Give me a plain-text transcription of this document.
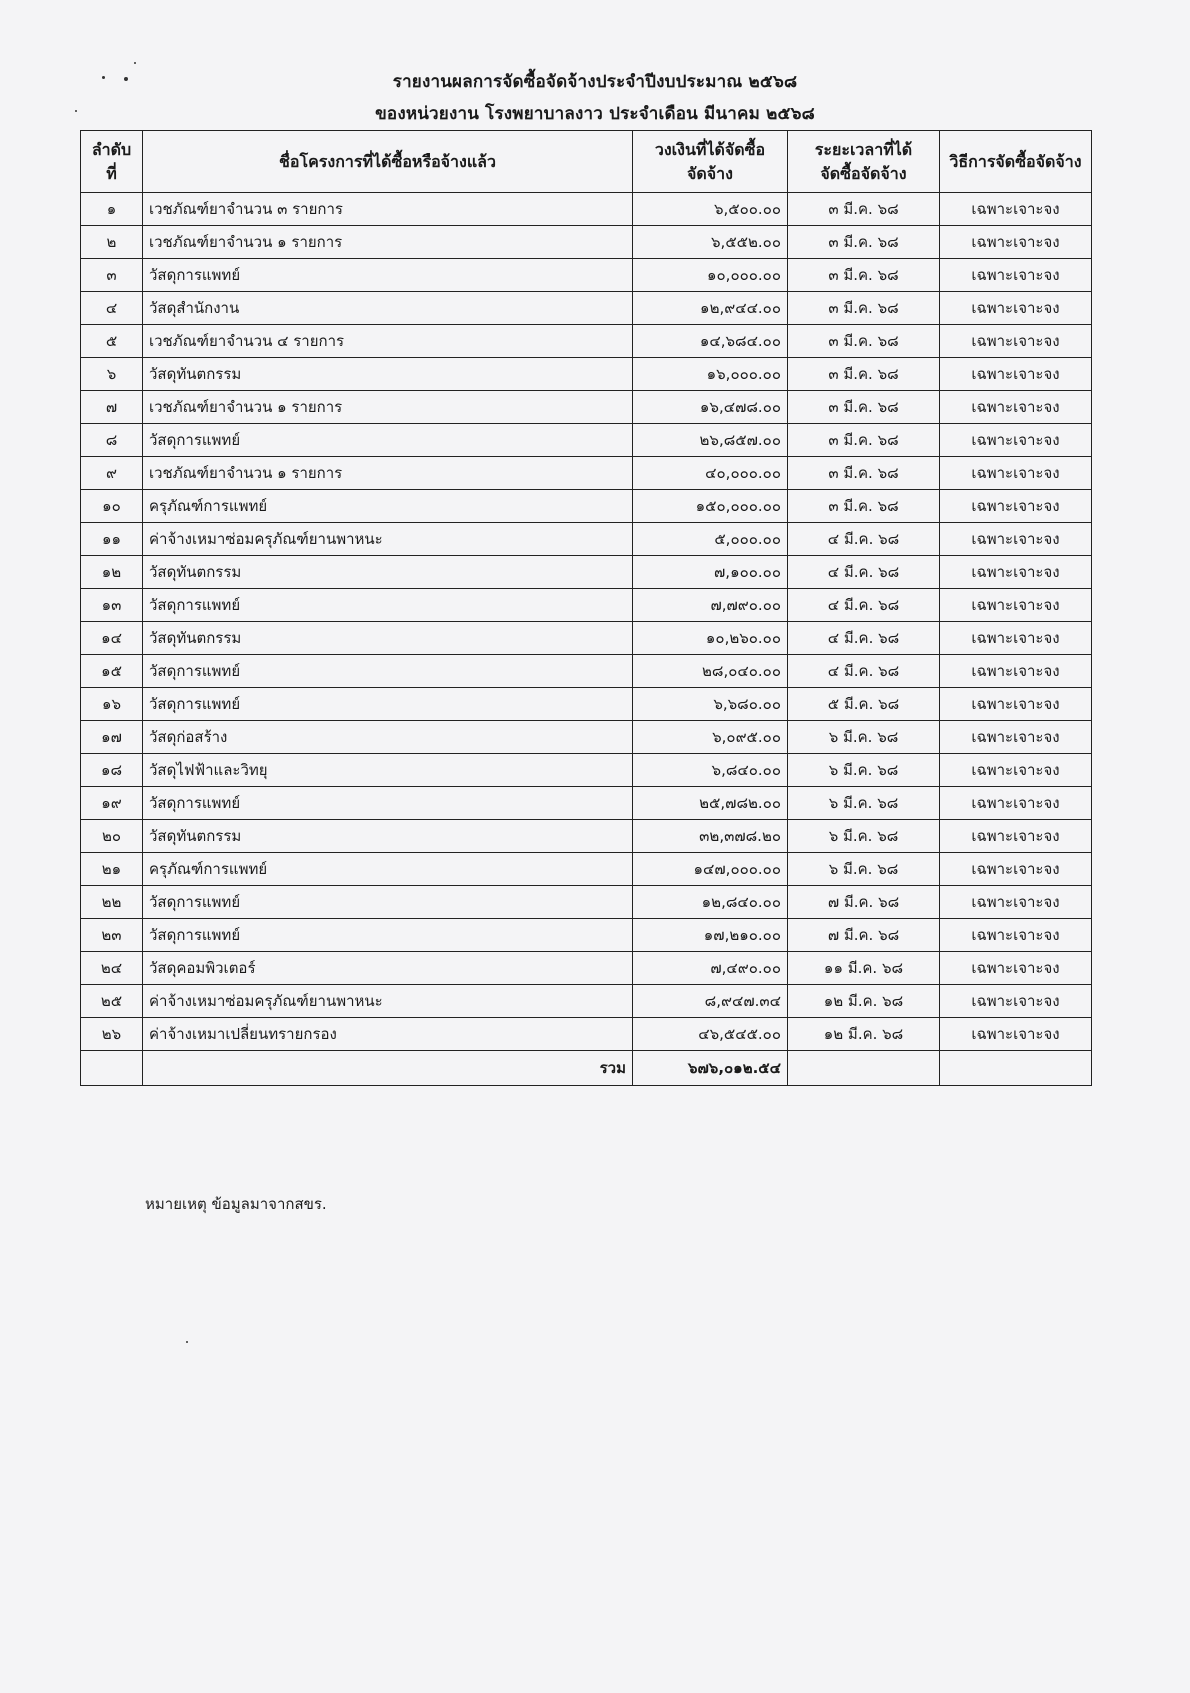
รายงานผลการจัดซื้อจัดจ้างประจำปีงบประมาณ ๒๕๖๘
ของหน่วยงาน โรงพยาบาลงาว ประจำเดือน มีนาคม ๒๕๖๘
ลำดับที่	ชื่อโครงการที่ได้ซื้อหรือจ้างแล้ว	วงเงินที่ได้จัดซื้อจัดจ้าง	ระยะเวลาที่ได้จัดซื้อจัดจ้าง	วิธีการจัดซื้อจัดจ้าง
๑	เวชภัณฑ์ยาจำนวน ๓ รายการ	๖,๕๐๐.๐๐	๓ มี.ค. ๖๘	เฉพาะเจาะจง
๒	เวชภัณฑ์ยาจำนวน ๑ รายการ	๖,๕๕๒.๐๐	๓ มี.ค. ๖๘	เฉพาะเจาะจง
๓	วัสดุการแพทย์	๑๐,๐๐๐.๐๐	๓ มี.ค. ๖๘	เฉพาะเจาะจง
๔	วัสดุสำนักงาน	๑๒,๙๔๔.๐๐	๓ มี.ค. ๖๘	เฉพาะเจาะจง
๕	เวชภัณฑ์ยาจำนวน ๔ รายการ	๑๔,๖๘๔.๐๐	๓ มี.ค. ๖๘	เฉพาะเจาะจง
๖	วัสดุทันตกรรม	๑๖,๐๐๐.๐๐	๓ มี.ค. ๖๘	เฉพาะเจาะจง
๗	เวชภัณฑ์ยาจำนวน ๑ รายการ	๑๖,๔๗๘.๐๐	๓ มี.ค. ๖๘	เฉพาะเจาะจง
๘	วัสดุการแพทย์	๒๖,๘๕๗.๐๐	๓ มี.ค. ๖๘	เฉพาะเจาะจง
๙	เวชภัณฑ์ยาจำนวน ๑ รายการ	๔๐,๐๐๐.๐๐	๓ มี.ค. ๖๘	เฉพาะเจาะจง
๑๐	ครุภัณฑ์การแพทย์	๑๕๐,๐๐๐.๐๐	๓ มี.ค. ๖๘	เฉพาะเจาะจง
๑๑	ค่าจ้างเหมาซ่อมครุภัณฑ์ยานพาหนะ	๕,๐๐๐.๐๐	๔ มี.ค. ๖๘	เฉพาะเจาะจง
๑๒	วัสดุทันตกรรม	๗,๑๐๐.๐๐	๔ มี.ค. ๖๘	เฉพาะเจาะจง
๑๓	วัสดุการแพทย์	๗,๗๙๐.๐๐	๔ มี.ค. ๖๘	เฉพาะเจาะจง
๑๔	วัสดุทันตกรรม	๑๐,๒๖๐.๐๐	๔ มี.ค. ๖๘	เฉพาะเจาะจง
๑๕	วัสดุการแพทย์	๒๘,๐๔๐.๐๐	๔ มี.ค. ๖๘	เฉพาะเจาะจง
๑๖	วัสดุการแพทย์	๖,๖๘๐.๐๐	๕ มี.ค. ๖๘	เฉพาะเจาะจง
๑๗	วัสดุก่อสร้าง	๖,๐๙๕.๐๐	๖ มี.ค. ๖๘	เฉพาะเจาะจง
๑๘	วัสดุไฟฟ้าและวิทยุ	๖,๘๔๐.๐๐	๖ มี.ค. ๖๘	เฉพาะเจาะจง
๑๙	วัสดุการแพทย์	๒๕,๗๘๒.๐๐	๖ มี.ค. ๖๘	เฉพาะเจาะจง
๒๐	วัสดุทันตกรรม	๓๒,๓๗๘.๒๐	๖ มี.ค. ๖๘	เฉพาะเจาะจง
๒๑	ครุภัณฑ์การแพทย์	๑๔๗,๐๐๐.๐๐	๖ มี.ค. ๖๘	เฉพาะเจาะจง
๒๒	วัสดุการแพทย์	๑๒,๘๔๐.๐๐	๗ มี.ค. ๖๘	เฉพาะเจาะจง
๒๓	วัสดุการแพทย์	๑๗,๒๑๐.๐๐	๗ มี.ค. ๖๘	เฉพาะเจาะจง
๒๔	วัสดุคอมพิวเตอร์	๗,๔๙๐.๐๐	๑๑ มี.ค. ๖๘	เฉพาะเจาะจง
๒๕	ค่าจ้างเหมาซ่อมครุภัณฑ์ยานพาหนะ	๘,๙๔๗.๓๔	๑๒ มี.ค. ๖๘	เฉพาะเจาะจง
๒๖	ค่าจ้างเหมาเปลี่ยนทรายกรอง	๔๖,๕๔๕.๐๐	๑๒ มี.ค. ๖๘	เฉพาะเจาะจง
	รวม	๖๗๖,๐๑๒.๕๔		
หมายเหตุ ข้อมูลมาจากสขร.
